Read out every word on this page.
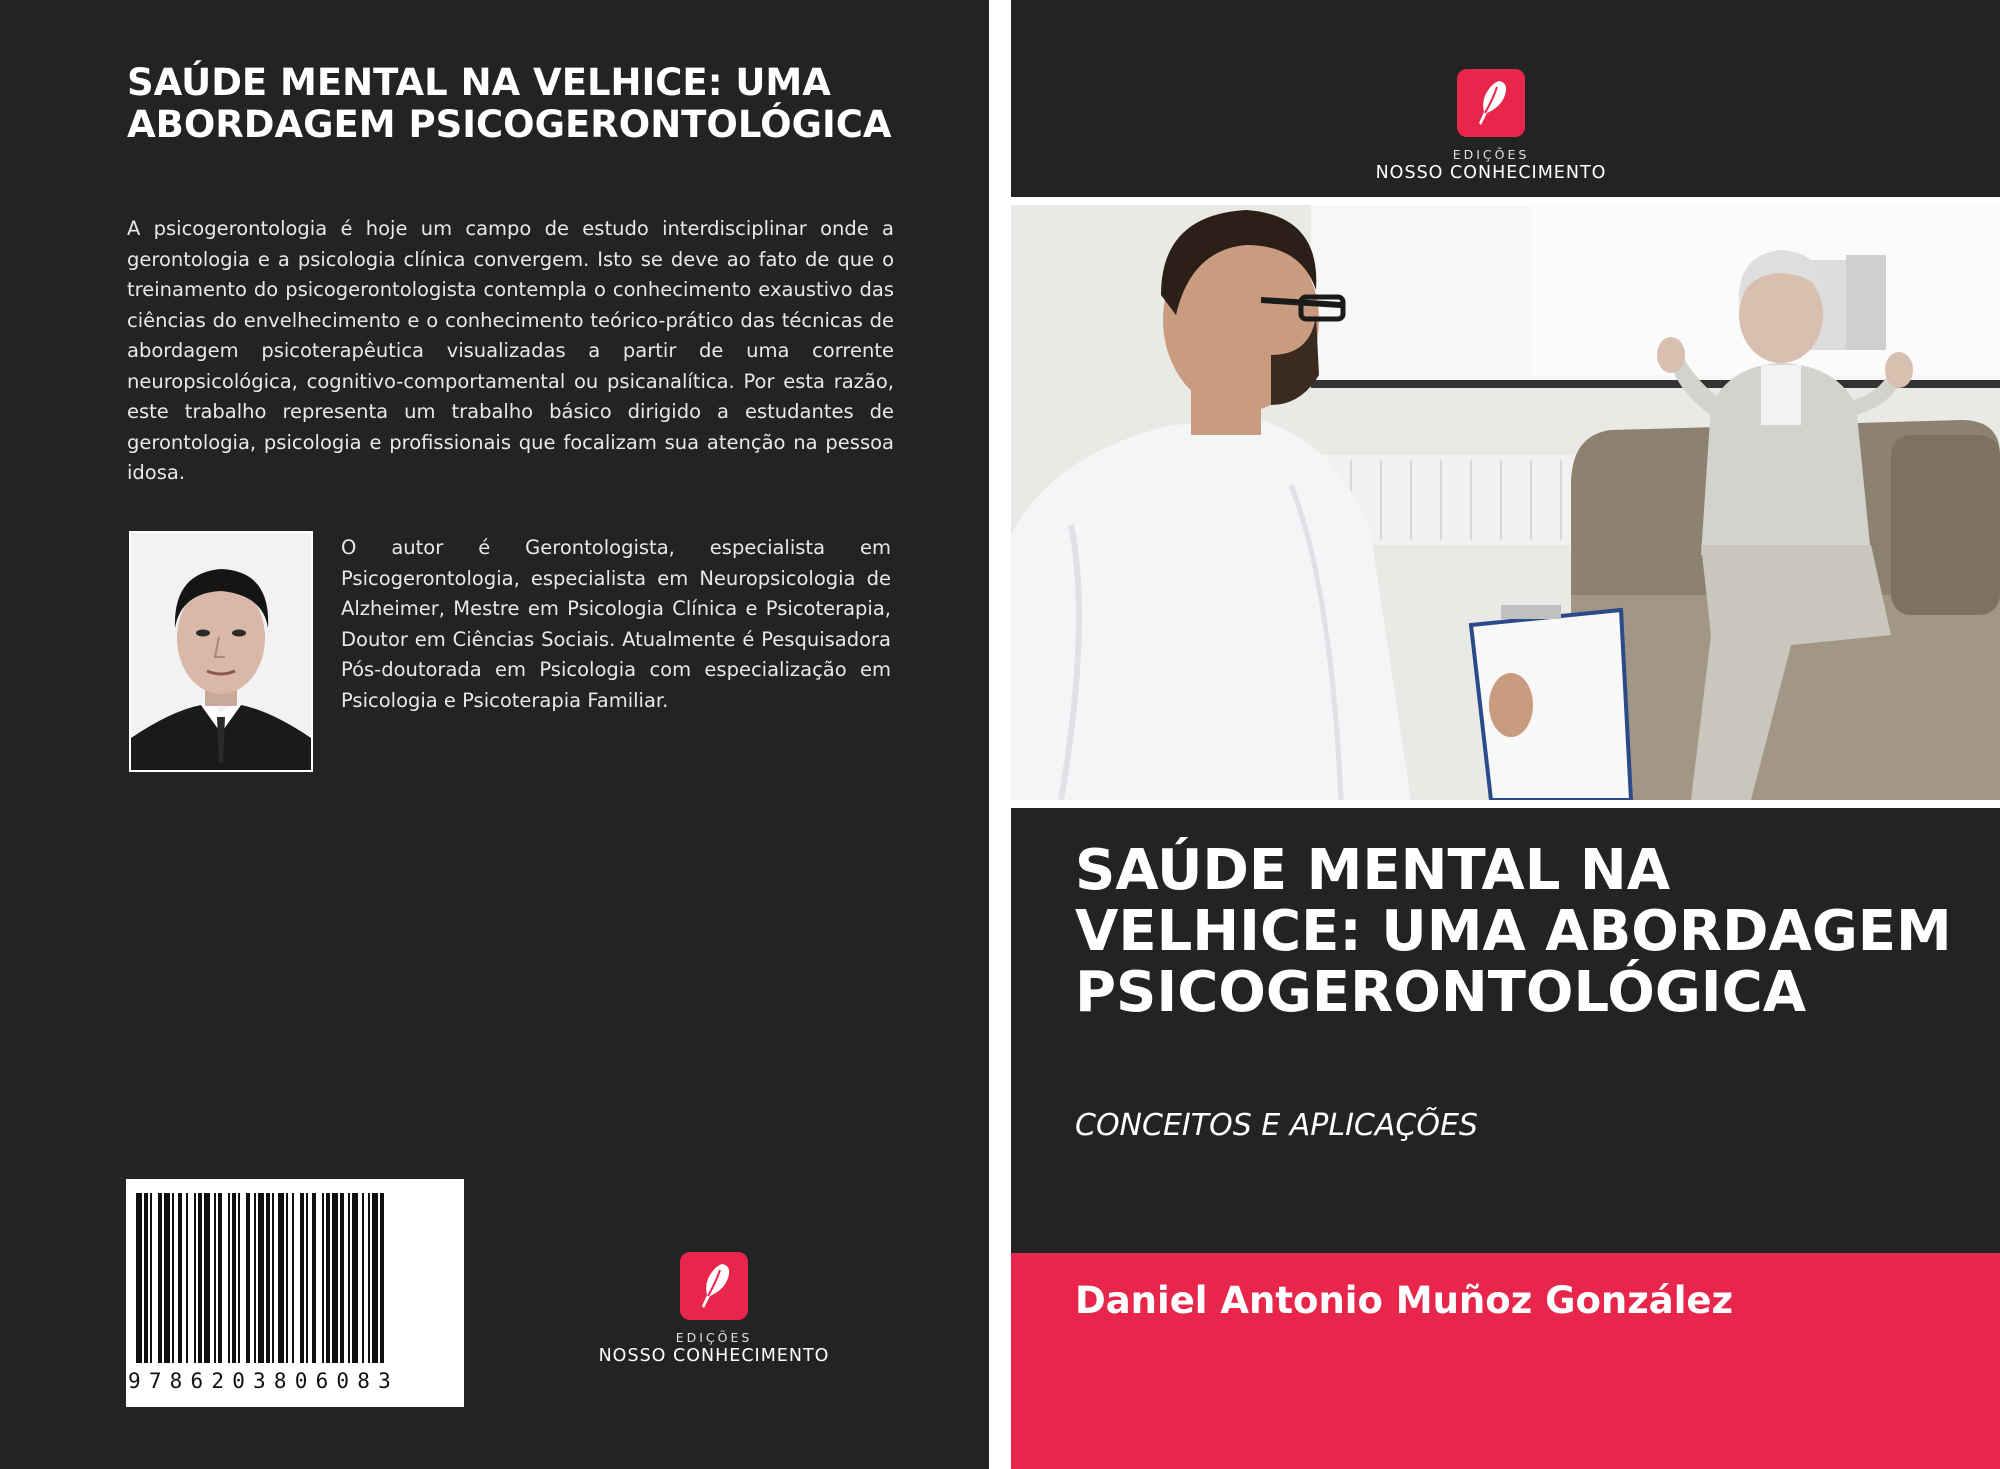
SAÚDE MENTAL NA VELHICE: UMA ABORDAGEM PSICOGERONTOLÓGICA

A psicogerontologia é hoje um campo de estudo interdisciplinar onde a gerontologia e a psicologia clínica convergem. Isto se deve ao fato de que o treinamento do psicogerontologista contempla o conhecimento exaustivo das ciências do envelhecimento e o conhecimento teórico-prático das técnicas de abordagem psicoterapêutica visualizadas a partir de uma corrente neuropsicológica, cognitivo-comportamental ou psicanalítica. Por esta razão, este trabalho representa um trabalho básico dirigido a estudantes de gerontologia, psicologia e profissionais que focalizam sua atenção na pessoa idosa.

O autor é Gerontologista, especialista em Psicogerontologia, especialista em Neuropsicologia de Alzheimer, Mestre em Psicologia Clínica e Psicoterapia, Doutor em Ciências Sociais. Atualmente é Pesquisadora Pós-doutorada em Psicologia com especialização em Psicologia e Psicoterapia Familiar.

9786203806083
EDIÇÕES
NOSSO CONHECIMENTO
EDIÇÕES
NOSSO CONHECIMENTO
SAÚDE MENTAL NA VELHICE: UMA ABORDAGEM PSICOGERONTOLÓGICA
CONCEITOS E APLICAÇÕES
Daniel Antonio Muñoz González
